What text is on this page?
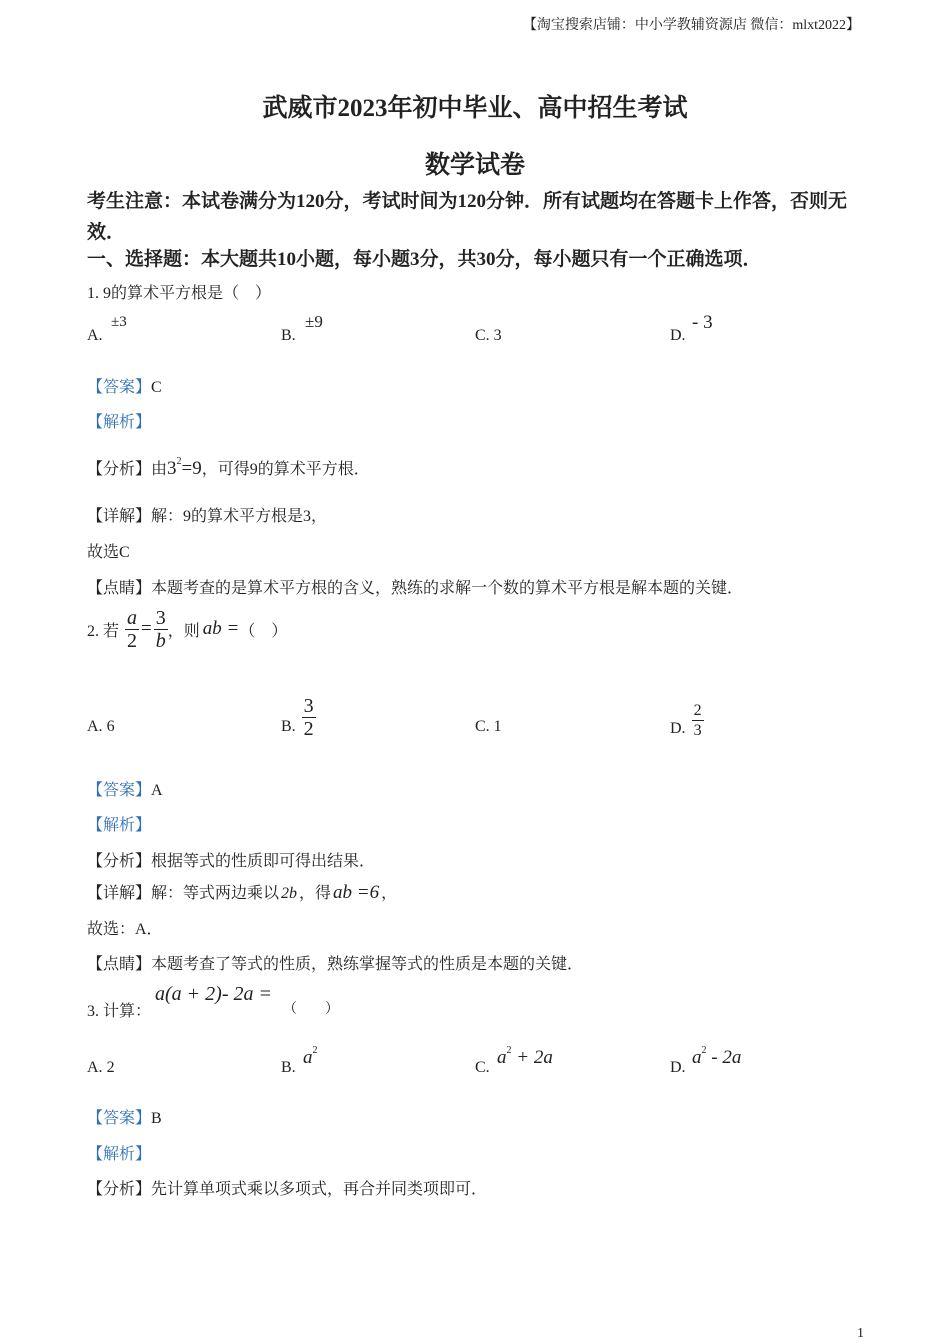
【淘宝搜索店铺：中小学教辅资源店 微信：mlxt2022】
武威市2023年初中毕业、高中招生考试
数学试卷
考生注意：本试卷满分为120分，考试时间为120分钟．所有试题均在答题卡上作答，否则无效．
一、选择题：本大题共10小题，每小题3分，共30分，每小题只有一个正确选项．
1. 9的算术平方根是（　）
A.
±3
B.
±9
C. 3	D.
- 3
【答案】C
【解析】
【分析】由$3^2=9$，可得9的算术平方根．
【详解】解：9的算术平方根是3，
故选C
【点睛】本题考查的是算术平方根的含义，熟练的求解一个数的算术平方根是解本题的关键．
2. 若 $\frac{a}{2} = \frac{3}{b}$ ，则 ab = （　）
A. 6	B. $\frac{3}{2}$	C. 1	D. $\frac{2}{3}$
【答案】A
【解析】
【分析】根据等式的性质即可得出结果．
【详解】解：等式两边乘以 2b ，得 ab =6 ，
故选：A．
【点睛】本题考查了等式的性质，熟练掌握等式的性质是本题的关键．
3. 计算：
a(a + 2)- 2a =
（　　）
A. 2	B. $a^2$
C. $a^2 + 2a$	D. $a^2 - 2a$
【答案】B
【解析】
【分析】先计算单项式乘以多项式，再合并同类项即可．
1
